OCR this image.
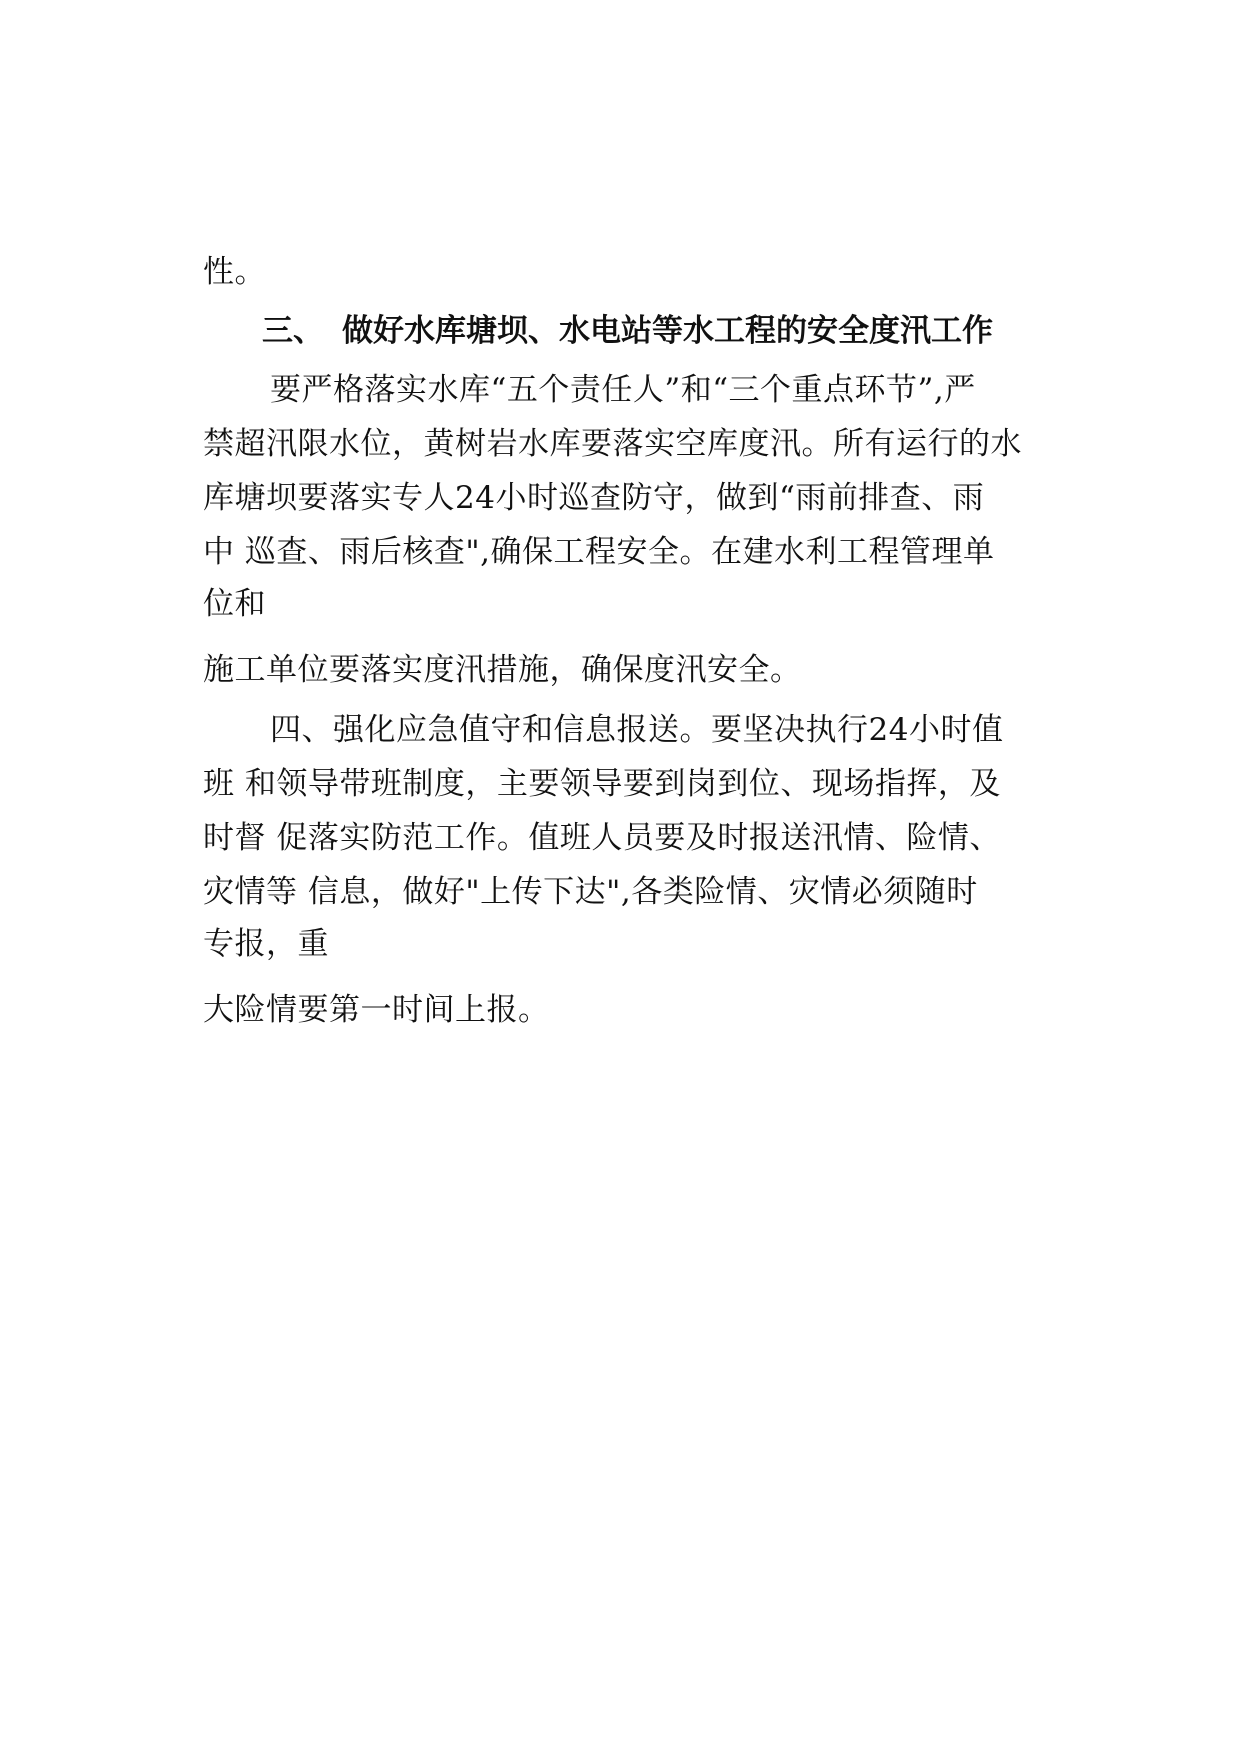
性。

三、 做好水库塘坝、水电站等水工程的安全度汛工作

要严格落实水库“五个责任人”和“三个重点环节”,严

禁超汛限水位，黄树岩水库要落实空库度汛。所有运行的水

库塘坝要落实专人24小时巡查防守，做到“雨前排查、雨

中 巡查、雨后核查",确保工程安全。在建水利工程管理单

位和

施工单位要落实度汛措施，确保度汛安全。

四、强化应急值守和信息报送。要坚决执行24小时值

班 和领导带班制度，主要领导要到岗到位、现场指挥，及

时督 促落实防范工作。值班人员要及时报送汛情、险情、

灾情等 信息，做好"上传下达",各类险情、灾情必须随时

专报，重

大险情要第一时间上报。
